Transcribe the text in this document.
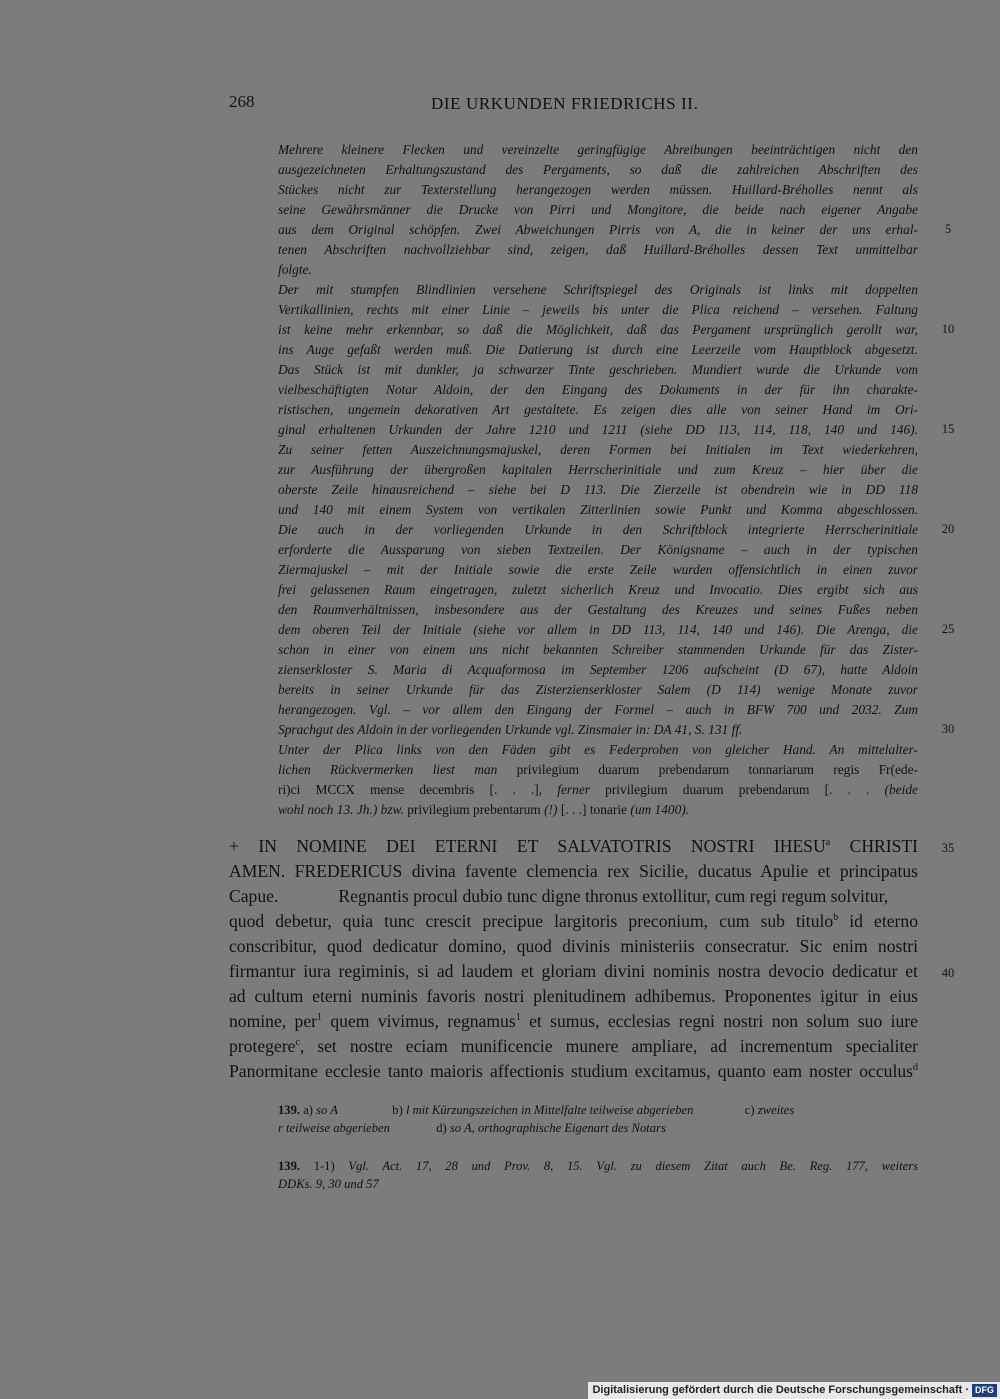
268	DIE URKUNDEN FRIEDRICHS II.
Mehrere kleinere Flecken und vereinzelte geringfügige Abreibungen beeinträchtigen nicht den
ausgezeichneten Erhaltungszustand des Pergaments, so daß die zahlreichen Abschriften des
Stückes nicht zur Texterstellung herangezogen werden müssen. Huillard-Bréholles nennt als
seine Gewährsmänner die Drucke von Pirri und Mongitore, die beide nach eigener Angabe
aus dem Original schöpfen. Zwei Abweichungen Pirris von A, die in keiner der uns erhal-
tenen Abschriften nachvollziehbar sind, zeigen, daß Huillard-Bréholles dessen Text unmittelbar
folgte.
Der mit stumpfen Blindlinien versehene Schriftspiegel des Originals ist links mit doppelten
Vertikallinien, rechts mit einer Linie – jeweils bis unter die Plica reichend – versehen. Faltung
ist keine mehr erkennbar, so daß die Möglichkeit, daß das Pergament ursprünglich gerollt war,
ins Auge gefaßt werden muß. Die Datierung ist durch eine Leerzeile vom Hauptblock abgesetzt.
Das Stück ist mit dunkler, ja schwarzer Tinte geschrieben. Mundiert wurde die Urkunde vom
vielbeschäftigten Notar Aldoin, der den Eingang des Dokuments in der für ihn charakte-
ristischen, ungemein dekorativen Art gestaltete. Es zeigen dies alle von seiner Hand im Ori-
ginal erhaltenen Urkunden der Jahre 1210 und 1211 (siehe DD 113, 114, 118, 140 und 146).
Zu seiner fetten Auszeichnungsmajuskel, deren Formen bei Initialen im Text wiederkehren,
zur Ausführung der übergroßen kapitalen Herrscherinitiale und zum Kreuz – hier über die
oberste Zeile hinausreichend – siehe bei D 113. Die Zierzeile ist obendrein wie in DD 118
und 140 mit einem System von vertikalen Zitterlinien sowie Punkt und Komma abgeschlossen.
Die auch in der vorliegenden Urkunde in den Schriftblock integrierte Herrscherinitiale
erforderte die Aussparung von sieben Textzeilen. Der Königsname – auch in der typischen
Ziermajuskel – mit der Initiale sowie die erste Zeile wurden offensichtlich in einen zuvor
frei gelassenen Raum eingetragen, zuletzt sicherlich Kreuz und Invocatio. Dies ergibt sich aus
den Raumverhältnissen, insbesondere aus der Gestaltung des Kreuzes und seines Fußes neben
dem oberen Teil der Initiale (siehe vor allem in DD 113, 114, 140 und 146). Die Arenga, die
schon in einer von einem uns nicht bekannten Schreiber stammenden Urkunde für das Zister-
zienserkloster S. Maria di Acquaformosa im September 1206 aufscheint (D 67), hatte Aldoin
bereits in seiner Urkunde für das Zisterzienserkloster Salem (D 114) wenige Monate zuvor
herangezogen. Vgl. – vor allem den Eingang der Formel – auch in BFW 700 und 2032. Zum
Sprachgut des Aldoin in der vorliegenden Urkunde vgl. Zinsmaier in: DA 41, S. 131 ff.
Unter der Plica links von den Fäden gibt es Federproben von gleicher Hand. An mittelalter-
lichen Rückvermerken liest man privilegium duarum prebendarum tonnariarum regis Fr(ede-
ri)ci MCCX mense decembris [. . .], ferner privilegium duarum prebendarum [. . . (beide
wohl noch 13. Jh.) bzw. privilegium prebentarum (!) [. . .] tonarie (um 1400).
+ IN NOMINE DEI ETERNI ET SALVATOTRIS NOSTRI IHESU$^a$ CHRISTI
AMEN. FREDERICUS divina favente clemencia rex Sicilie, ducatus Apulie et principatus
Capue.	Regnantis procul dubio tunc digne thronus extollitur, cum regi regum solvitur,
quod debetur, quia tunc crescit precipue largitoris preconium, cum sub titulo$^b$ id eterno
conscribitur, quod dedicatur domino, quod divinis ministeriis consecratur. Sic enim nostri
firmantur iura regiminis, si ad laudem et gloriam divini nominis nostra devocio dedicatur et
ad cultum eterni numinis favoris nostri plenitudinem adhibemus. Proponentes igitur in eius
nomine, per$^1$ quem vivimus, regnamus$^1$ et sumus, ecclesias regni nostri non solum suo iure
protegere$^c$, set nostre eciam munificencie munere ampliare, ad incrementum specialiter
Panormitane ecclesie tanto maioris affectionis studium excitamus, quanto eam noster occulus$^d$
5
10
15
20
25
30
35
40
139. a) so A	b) l mit Kürzungszeichen in Mittelfalte teilweise abgerieben	c) zweites
r teilweise abgerieben	d) so A, orthographische Eigenart des Notars
139. 1-1) Vgl. Act. 17, 28 und Prov. 8, 15. Vgl. zu diesem Zitat auch Be. Reg. 177, weiters
DDKs. 9, 30 und 57
Digitalisierung gefördert durch die Deutsche Forschungsgemeinschaft · DFG
